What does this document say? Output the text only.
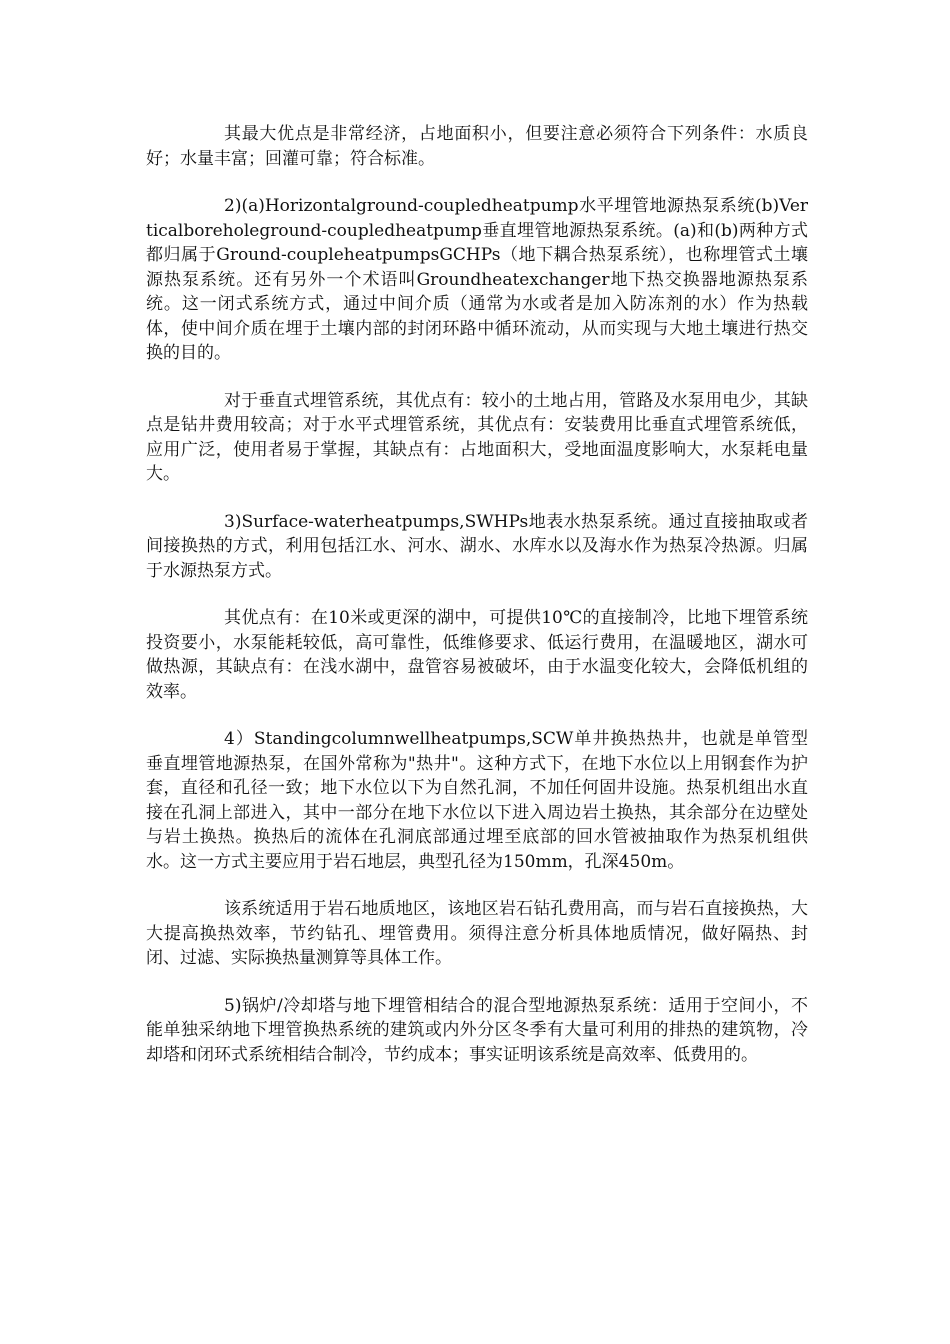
其最大优点是非常经济，占地面积小，但要注意必须符合下列条件：水质良好；水量丰富；回灌可靠；符合标准。

2)(a)Horizontalground-coupledheatpump水平埋管地源热泵系统(b)Verticalboreholeground-coupledheatpump垂直埋管地源热泵系统。(a)和(b)两种方式都归属于Ground-coupleheatpumpsGCHPs（地下耦合热泵系统），也称埋管式土壤源热泵系统。还有另外一个术语叫Groundheatexchanger地下热交换器地源热泵系统。这一闭式系统方式，通过中间介质（通常为水或者是加入防冻剂的水）作为热载体，使中间介质在埋于土壤内部的封闭环路中循环流动，从而实现与大地土壤进行热交换的目的。

对于垂直式埋管系统，其优点有：较小的土地占用，管路及水泵用电少，其缺点是钻井费用较高；对于水平式埋管系统，其优点有：安装费用比垂直式埋管系统低，应用广泛，使用者易于掌握，其缺点有：占地面积大，受地面温度影响大，水泵耗电量大。

3)Surface-waterheatpumps,SWHPs地表水热泵系统。通过直接抽取或者间接换热的方式，利用包括江水、河水、湖水、水库水以及海水作为热泵冷热源。归属于水源热泵方式。

其优点有：在10米或更深的湖中，可提供10℃的直接制冷，比地下埋管系统投资要小，水泵能耗较低，高可靠性，低维修要求、低运行费用，在温暖地区，湖水可做热源，其缺点有：在浅水湖中，盘管容易被破坏，由于水温变化较大，会降低机组的效率。

4）Standingcolumnwellheatpumps,SCW单井换热热井，也就是单管型垂直埋管地源热泵，在国外常称为"热井"。这种方式下，在地下水位以上用钢套作为护套，直径和孔径一致；地下水位以下为自然孔洞，不加任何固井设施。热泵机组出水直接在孔洞上部进入，其中一部分在地下水位以下进入周边岩土换热，其余部分在边壁处与岩土换热。换热后的流体在孔洞底部通过埋至底部的回水管被抽取作为热泵机组供水。这一方式主要应用于岩石地层，典型孔径为150mm，孔深450m。

该系统适用于岩石地质地区，该地区岩石钻孔费用高，而与岩石直接换热，大大提高换热效率，节约钻孔、埋管费用。须得注意分析具体地质情况，做好隔热、封闭、过滤、实际换热量测算等具体工作。

5)锅炉/冷却塔与地下埋管相结合的混合型地源热泵系统：适用于空间小，不能单独采纳地下埋管换热系统的建筑或内外分区冬季有大量可利用的排热的建筑物，冷却塔和闭环式系统相结合制冷，节约成本；事实证明该系统是高效率、低费用的。
